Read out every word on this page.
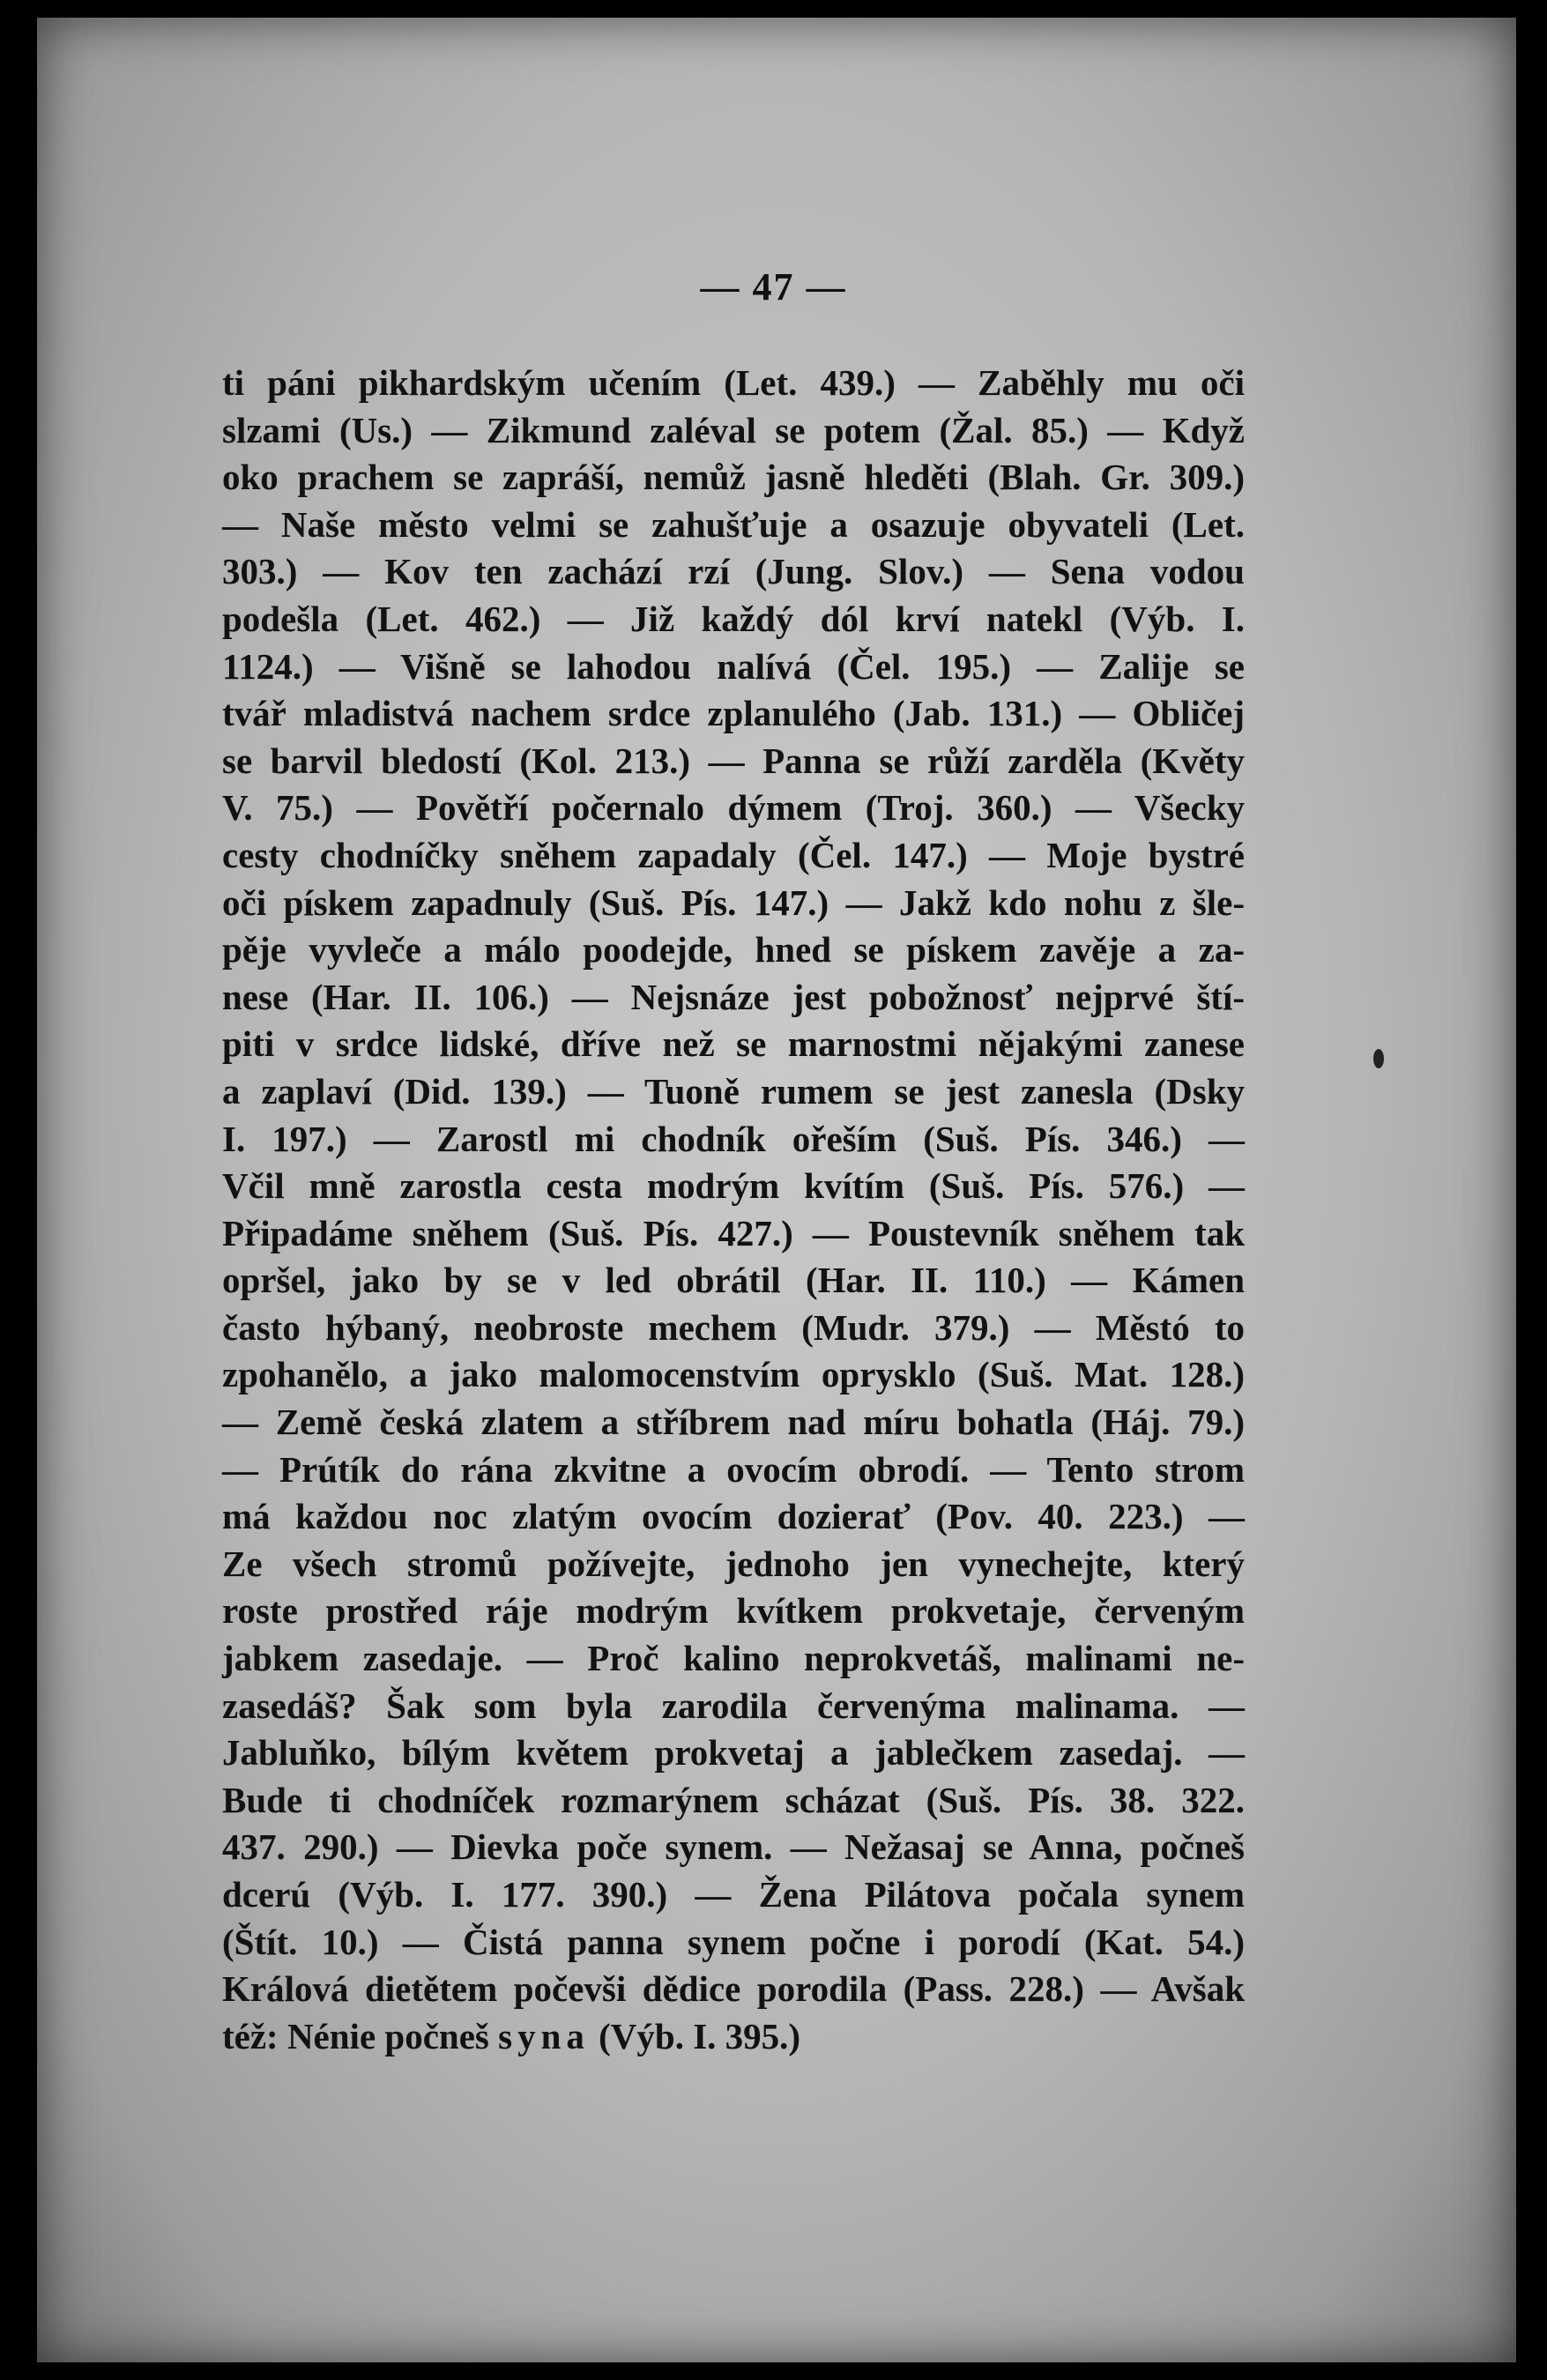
— 47 —
ti páni pikhardským učením (Let. 439.) — Zaběhly mu oči
slzami (Us.) — Zikmund zaléval se potem (Žal. 85.) — Když
oko prachem se zapráší, nemůž jasně hleděti (Blah. Gr. 309.)
— Naše město velmi se zahušťuje a osazuje obyvateli (Let.
303.) — Kov ten zachází rzí (Jung. Slov.) — Sena vodou
podešla (Let. 462.) — Již každý dól krví natekl (Výb. I.
1124.) — Višně se lahodou nalívá (Čel. 195.) — Zalije se
tvář mladistvá nachem srdce zplanulého (Jab. 131.) — Obličej
se barvil bledostí (Kol. 213.) — Panna se růží zarděla (Květy
V. 75.) — Povětří počernalo dýmem (Troj. 360.) — Všecky
cesty chodníčky sněhem zapadaly (Čel. 147.) — Moje bystré
oči pískem zapadnuly (Suš. Pís. 147.) — Jakž kdo nohu z šle-
pěje vyvleče a málo poodejde, hned se pískem zavěje a za-
nese (Har. II. 106.) — Nejsnáze jest pobožnosť nejprvé ští-
piti v srdce lidské, dříve než se marnostmi nějakými zanese
a zaplaví (Did. 139.) — Tuoně rumem se jest zanesla (Dsky
I. 197.) — Zarostl mi chodník ořeším (Suš. Pís. 346.) —
Včil mně zarostla cesta modrým kvítím (Suš. Pís. 576.) —
Připadáme sněhem (Suš. Pís. 427.) — Poustevník sněhem tak
opršel, jako by se v led obrátil (Har. II. 110.) — Kámen
často hýbaný, neobroste mechem (Mudr. 379.) — Městó to
zpohanělo, a jako malomocenstvím oprysklo (Suš. Mat. 128.)
— Země česká zlatem a stříbrem nad míru bohatla (Háj. 79.)
— Prútík do rána zkvitne a ovocím obrodí. — Tento strom
má každou noc zlatým ovocím dozierať (Pov. 40. 223.) —
Ze všech stromů požívejte, jednoho jen vynechejte, který
roste prostřed ráje modrým kvítkem prokvetaje, červeným
jabkem zasedaje. — Proč kalino neprokvetáš, malinami ne-
zasedáš? Šak som byla zarodila červenýma malinama. —
Jabluňko, bílým květem prokvetaj a jablečkem zasedaj. —
Bude ti chodníček rozmarýnem scházat (Suš. Pís. 38. 322.
437. 290.) — Dievka poče synem. — Nežasaj se Anna, počneš
dcerú (Výb. I. 177. 390.) — Žena Pilátova počala synem
(Štít. 10.) — Čistá panna synem počne i porodí (Kat. 54.)
Králová dietětem počevši dědice porodila (Pass. 228.) — Avšak
též: Nénie počneš syna (Výb. I. 395.)
